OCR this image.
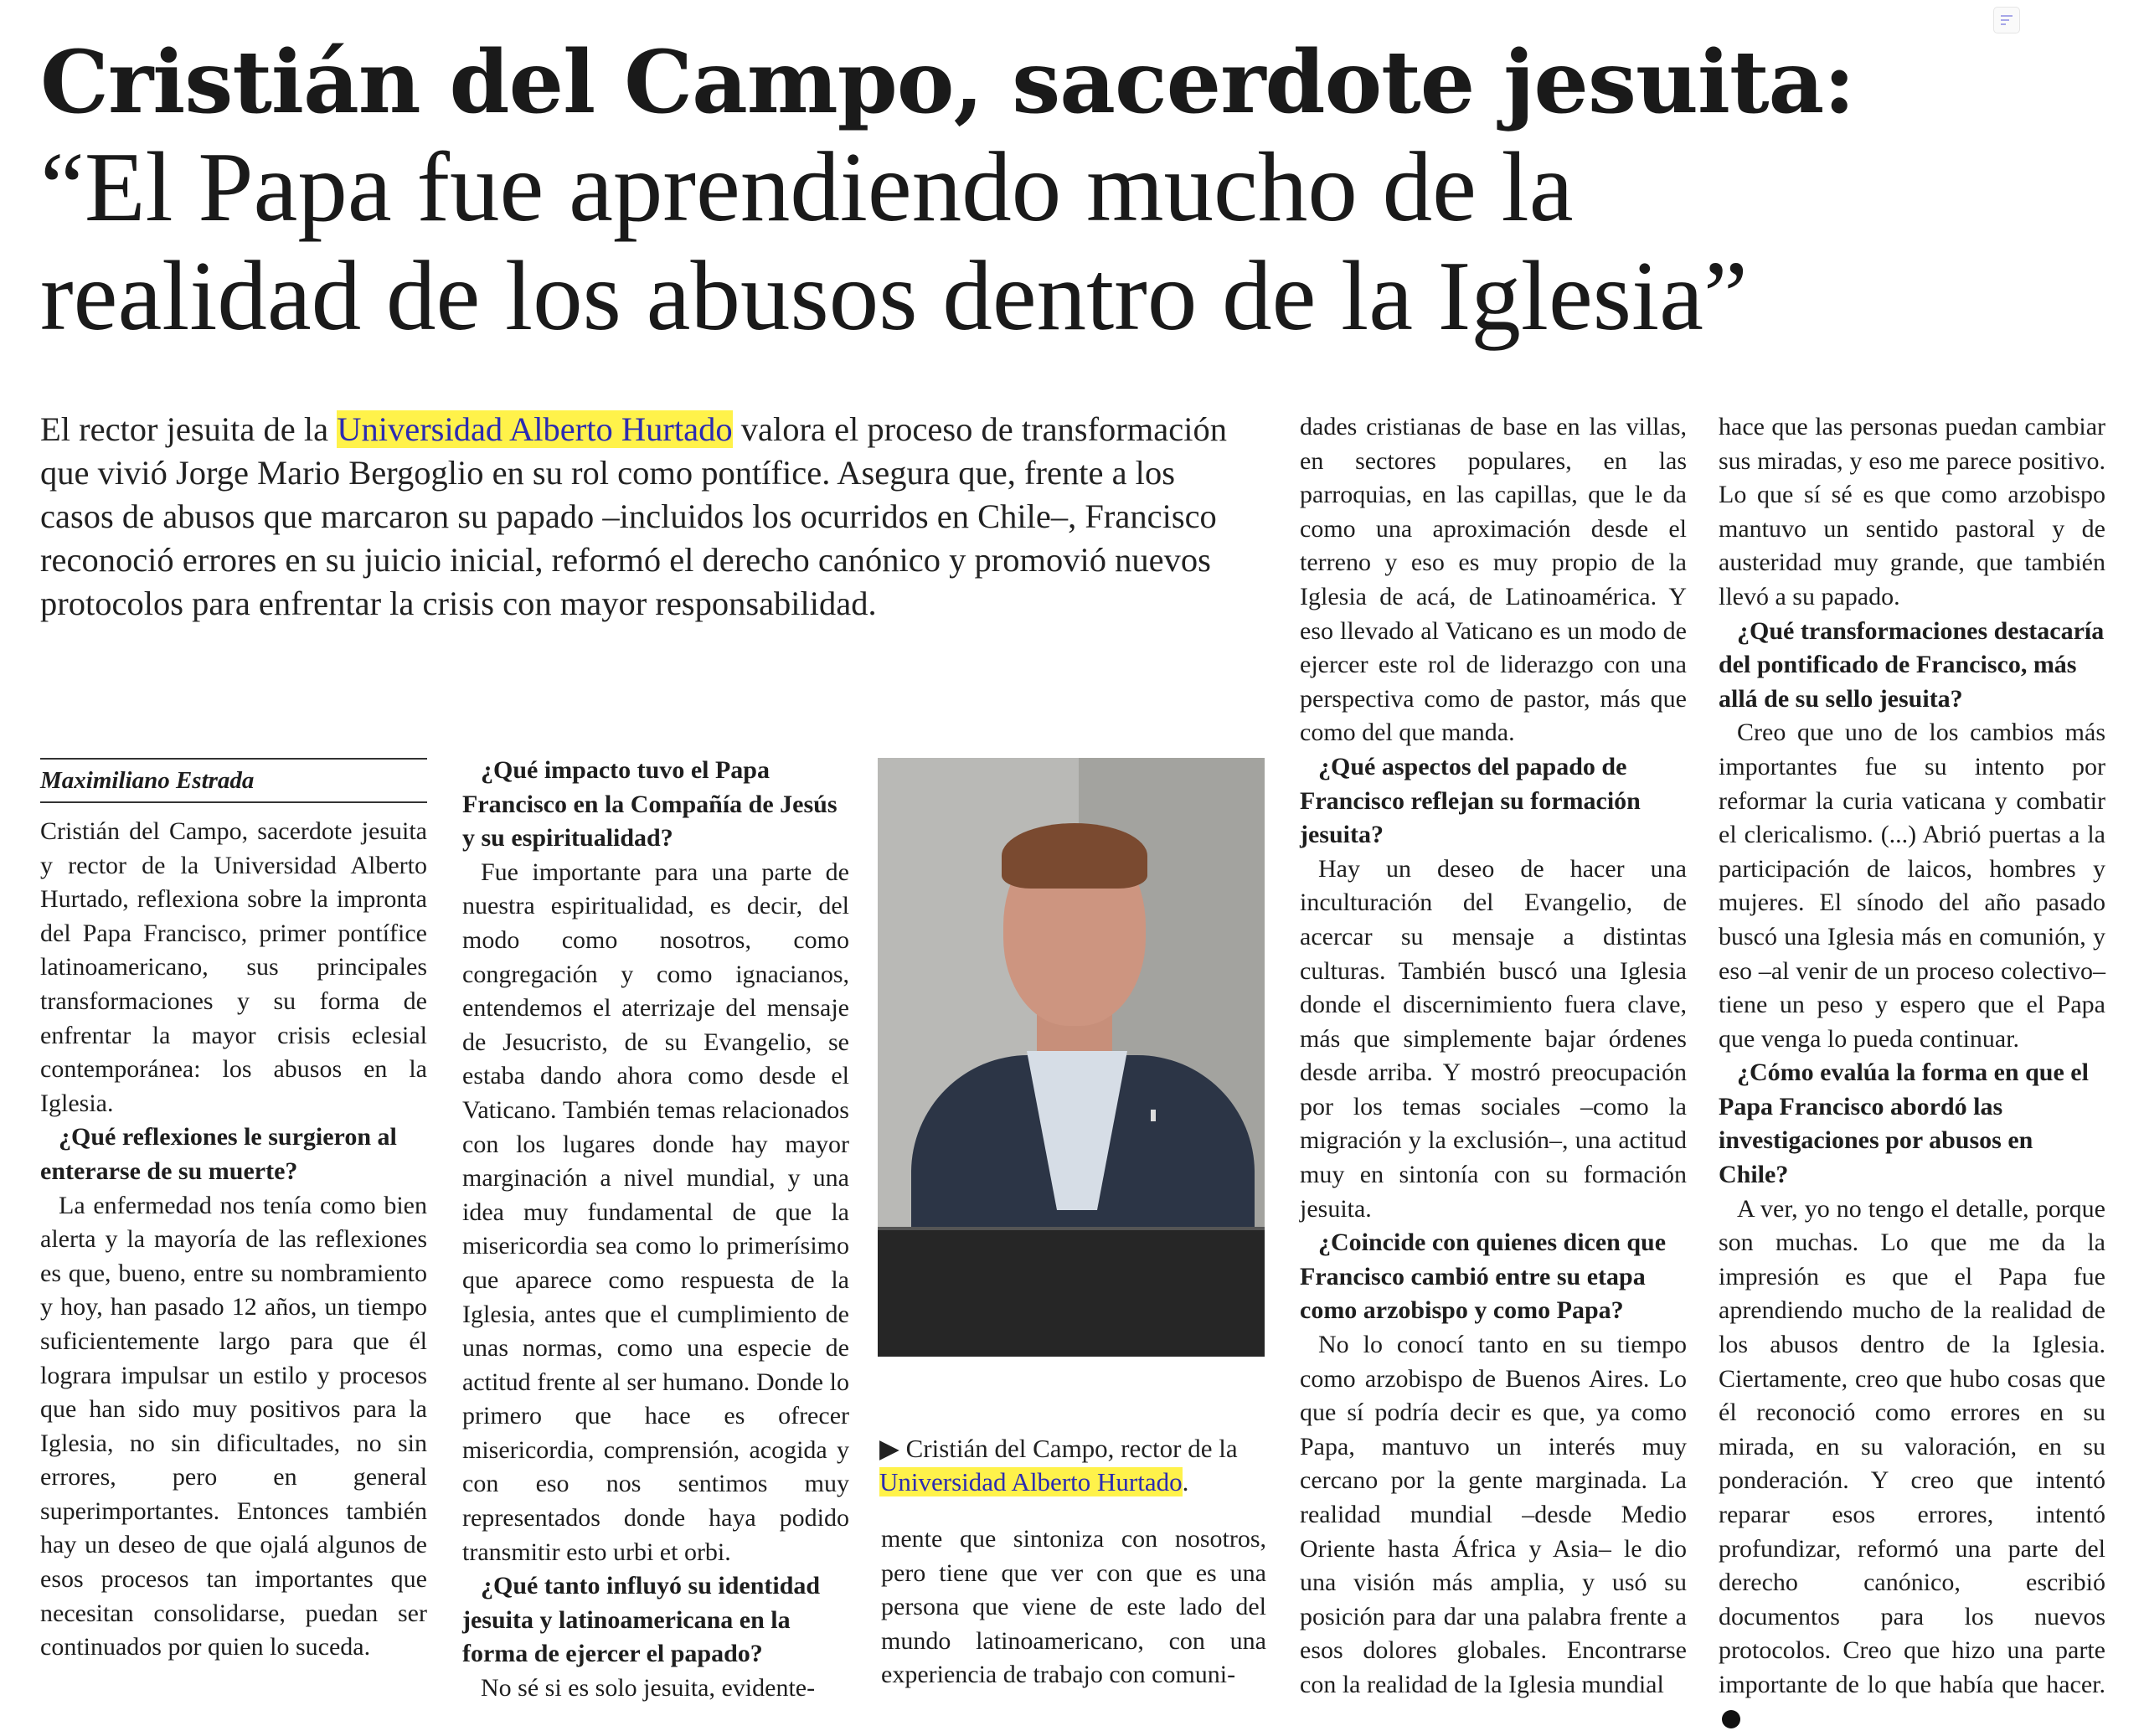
Cristián del Campo, sacerdote jesuita:
“El Papa fue aprendiendo mucho de la
realidad de los abusos dentro de la Iglesia”
El rector jesuita de la Universidad Alberto Hurtado valora el proceso de transformación que vivió Jorge Mario Bergoglio en su rol como pontífice. Asegura que, frente a los casos de abusos que marcaron su papado –incluidos los ocurridos en Chile–, Francisco reconoció errores en su juicio inicial, reformó el derecho canónico y promovió nuevos protocolos para enfrentar la crisis con mayor responsabilidad.
Maximiliano Estrada

Cristián del Campo, sacerdote jesuita y rector de la Universidad Alberto Hurtado, reflexiona sobre la impronta del Papa Francisco, primer pontífice latinoamericano, sus principales transformaciones y su forma de enfrentar la mayor crisis eclesial contemporánea: los abusos en la Iglesia.

¿Qué reflexiones le surgieron al enterarse de su muerte?

La enfermedad nos tenía como bien alerta y la mayoría de las reflexiones es que, bueno, entre su nombramiento y hoy, han pasado 12 años, un tiempo suficientemente largo para que él lograra impulsar un estilo y procesos que han sido muy positivos para la Iglesia, no sin dificultades, no sin errores, pero en general superimportantes. Entonces también hay un deseo de que ojalá algunos de esos procesos tan importantes que necesitan consolidarse, puedan ser continuados por quien lo suceda.

¿Qué impacto tuvo el Papa Francisco en la Compañía de Jesús y su espiritualidad?

Fue importante para una parte de nuestra espiritualidad, es decir, del modo como nosotros, como congregación y como ignacianos, entendemos el aterrizaje del mensaje de Jesucristo, de su Evangelio, se estaba dando ahora como desde el Vaticano. También temas relacionados con los lugares donde hay mayor marginación a nivel mundial, y una idea muy fundamental de que la misericordia sea como lo primerísimo que aparece como respuesta de la Iglesia, antes que el cumplimiento de unas normas, como una especie de actitud frente al ser humano. Donde lo primero que hace es ofrecer misericordia, comprensión, acogida y con eso nos sentimos muy representados donde haya podido transmitir esto urbi et orbi.

¿Qué tanto influyó su identidad jesuita y latinoamericana en la forma de ejercer el papado?

No sé si es solo jesuita, evidente-

▶ Cristián del Campo, rector de la Universidad Alberto Hurtado.

mente que sintoniza con nosotros, pero tiene que ver con que es una persona que viene de este lado del mundo latinoamericano, con una experiencia de trabajo con comuni-

dades cristianas de base en las villas, en sectores populares, en las parroquias, en las capillas, que le da como una aproximación desde el terreno y eso es muy propio de la Iglesia de acá, de Latinoamérica. Y eso llevado al Vaticano es un modo de ejercer este rol de liderazgo con una perspectiva como de pastor, más que como del que manda.

¿Qué aspectos del papado de Francisco reflejan su formación jesuita?

Hay un deseo de hacer una inculturación del Evangelio, de acercar su mensaje a distintas culturas. También buscó una Iglesia donde el discernimiento fuera clave, más que simplemente bajar órdenes desde arriba. Y mostró preocupación por los temas sociales –como la migración y la exclusión–, una actitud muy en sintonía con su formación jesuita.

¿Coincide con quienes dicen que Francisco cambió entre su etapa como arzobispo y como Papa?

No lo conocí tanto en su tiempo como arzobispo de Buenos Aires. Lo que sí podría decir es que, ya como Papa, mantuvo un interés muy cercano por la gente marginada. La realidad mundial –desde Medio Oriente hasta África y Asia– le dio una visión más amplia, y usó su posición para dar una palabra frente a esos dolores globales. Encontrarse con la realidad de la Iglesia mundial

hace que las personas puedan cambiar sus miradas, y eso me parece positivo. Lo que sí sé es que como arzobispo mantuvo un sentido pastoral y de austeridad muy grande, que también llevó a su papado.

¿Qué transformaciones destacaría del pontificado de Francisco, más allá de su sello jesuita?

Creo que uno de los cambios más importantes fue su intento por reformar la curia vaticana y combatir el clericalismo. (...) Abrió puertas a la participación de laicos, hombres y mujeres. El sínodo del año pasado buscó una Iglesia más en comunión, y eso –al venir de un proceso colectivo– tiene un peso y espero que el Papa que venga lo pueda continuar.

¿Cómo evalúa la forma en que el Papa Francisco abordó las investigaciones por abusos en Chile?

A ver, yo no tengo el detalle, porque son muchas. Lo que me da la impresión es que el Papa fue aprendiendo mucho de la realidad de los abusos dentro de la Iglesia. Ciertamente, creo que hubo cosas que él reconoció como errores en su mirada, en su valoración, en su ponderación. Y creo que intentó reparar esos errores, intentó profundizar, reformó una parte del derecho canónico, escribió documentos para los nuevos protocolos. Creo que hizo una parte importante de lo que había que hacer.
